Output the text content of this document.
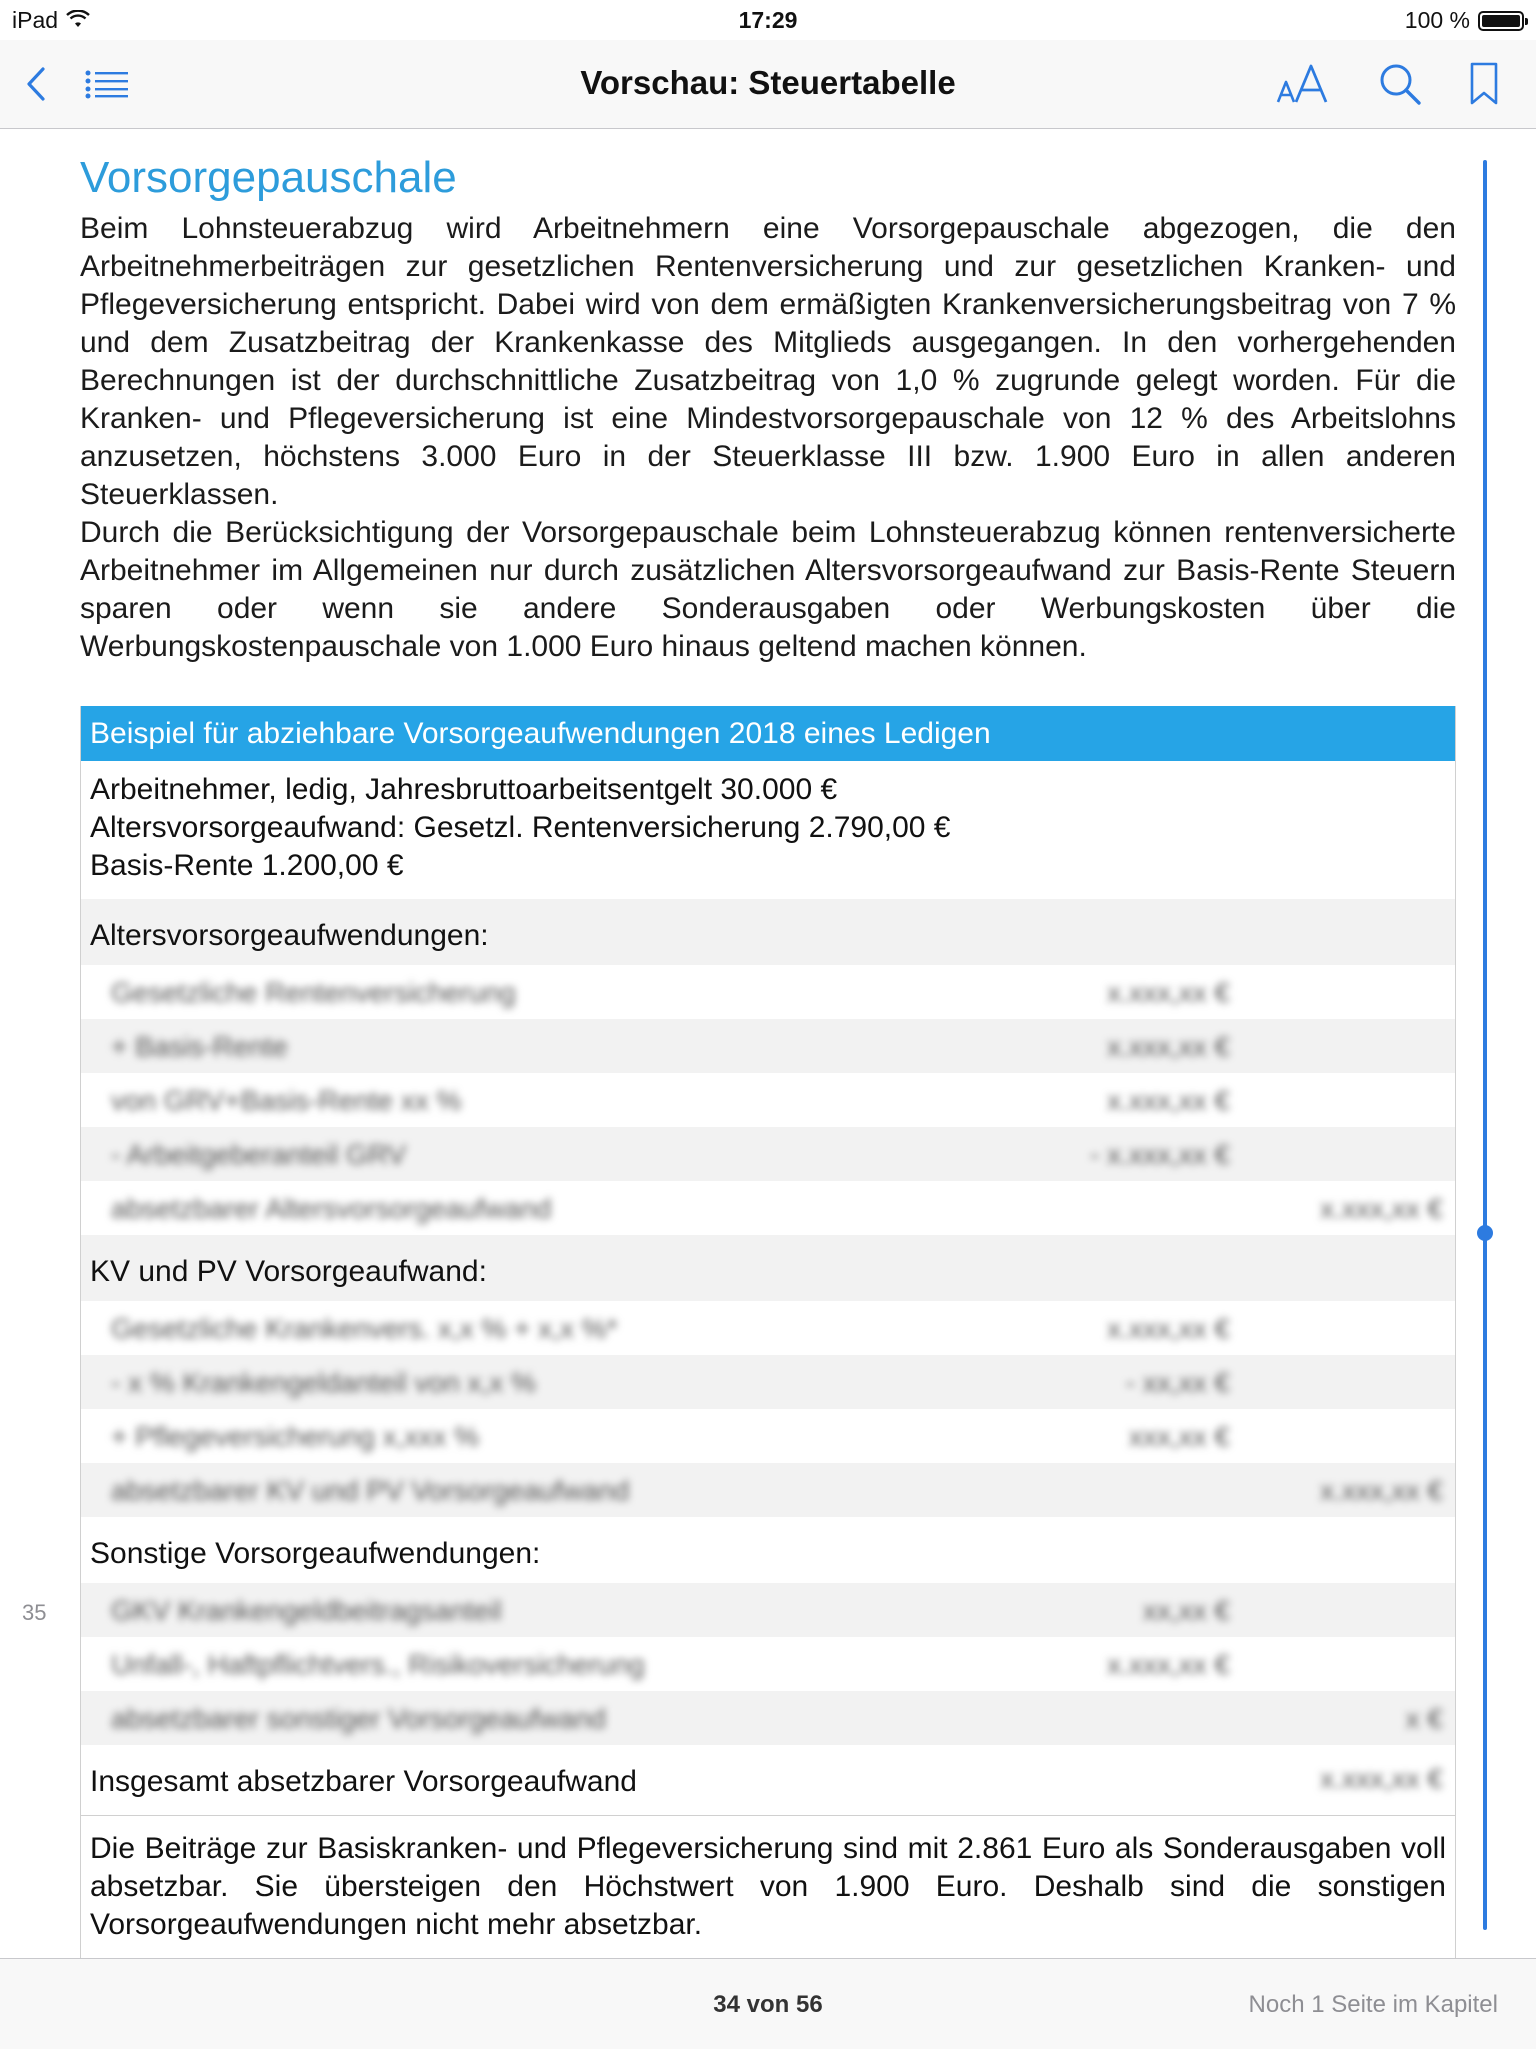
iPad	17:29	100 %
Vorschau: Steuertabelle
Vorsorgepauschale

Beim Lohnsteuerabzug wird Arbeitnehmern eine Vorsorgepauschale abgezogen, die den Arbeitnehmerbeiträgen zur gesetzlichen Rentenversicherung und zur gesetzlichen Kranken- und Pflegeversicherung entspricht. Dabei wird von dem ermäßigten Krankenversicherungsbeitrag von 7 % und dem Zusatzbeitrag der Krankenkasse des Mitglieds ausgegangen. In den vorhergehenden Berechnungen ist der durchschnittliche Zusatzbeitrag von 1,0 % zugrunde gelegt worden. Für die Kranken- und Pflegeversicherung ist eine Mindestvorsorgepauschale von 12 % des Arbeitslohns anzusetzen, höchstens 3.000 Euro in der Steuerklasse III bzw. 1.900 Euro in allen anderen Steuerklassen.

Durch die Berücksichtigung der Vorsorgepauschale beim Lohnsteuerabzug können rentenversicherte Arbeitnehmer im Allgemeinen nur durch zusätzlichen Altersvorsorgeaufwand zur Basis-Rente Steuern sparen oder wenn sie andere Sonderausgaben oder Werbungskosten über die Werbungskostenpauschale von 1.000 Euro hinaus geltend machen können.

Beispiel für abziehbare Vorsorgeaufwendungen 2018 eines Ledigen
Arbeitnehmer, ledig, Jahresbruttoarbeitsentgelt 30.000 €
Altersvorsorgeaufwand: Gesetzl. Rentenversicherung 2.790,00 €
Basis-Rente 1.200,00 €
Altersvorsorgeaufwendungen:
Gesetzliche Rentenversicherung	x.xxx,xx €
+ Basis-Rente	x.xxx,xx €
von GRV+Basis-Rente xx %	x.xxx,xx €
- Arbeitgeberanteil GRV	- x.xxx,xx €
absetzbarer Altersvorsorgeaufwand	x.xxx,xx €
KV und PV Vorsorgeaufwand:
Gesetzliche Krankenvers. x,x % + x,x %*	x.xxx,xx €
- x % Krankengeldanteil von x,x %	- xx,xx €
+ Pflegeversicherung x,xxx %	xxx,xx €
absetzbarer KV und PV Vorsorgeaufwand	x.xxx,xx €
Sonstige Vorsorgeaufwendungen:
GKV Krankengeldbeitragsanteil	xx,xx €
Unfall-, Haftpflichtvers., Risikoversicherung	x.xxx,xx €
absetzbarer sonstiger Vorsorgeaufwand	x €
Insgesamt absetzbarer Vorsorgeaufwand	x.xxx,xx €

Die Beiträge zur Basiskranken- und Pflegeversicherung sind mit 2.861 Euro als Sonderausgaben voll absetzbar. Sie übersteigen den Höchstwert von 1.900 Euro. Deshalb sind die sonstigen Vorsorgeaufwendungen nicht mehr absetzbar.

35
34 von 56	Noch 1 Seite im Kapitel
